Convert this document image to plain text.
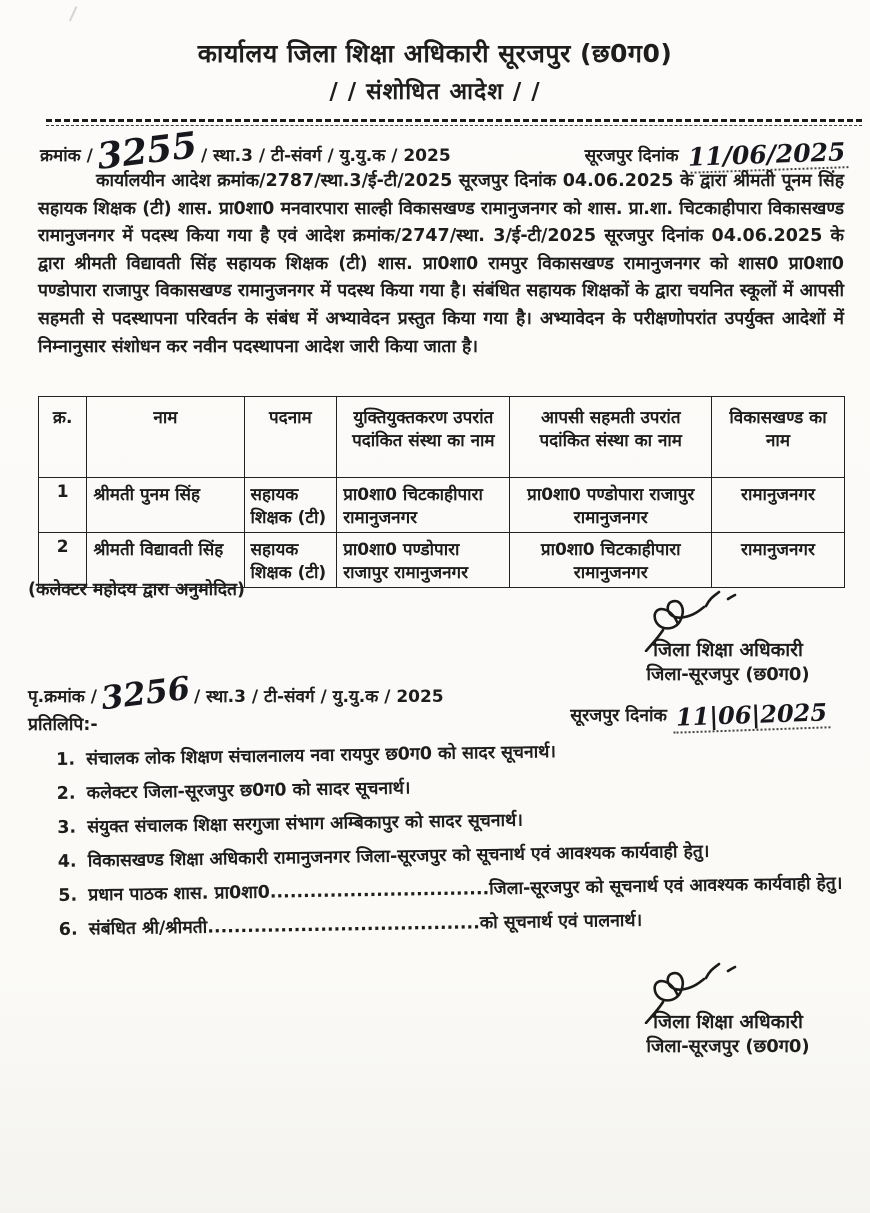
कार्यालय जिला शिक्षा अधिकारी सूरजपुर (छ0ग0)
/ / संशोधित आदेश / /
क्रमांक / 3255 / स्था.3 / टी-संवर्ग / यु.यु.क / 2025	सूरजपुर दिनांक 11/06/2025
कार्यालयीन आदेश क्रमांक/2787/स्था.3/ई-टी/2025 सूरजपुर दिनांक 04.06.2025 के द्वारा श्रीमती पूनम सिंह सहायक शिक्षक (टी) शास. प्रा0शा0 मनवारपारा साल्ही विकासखण्ड रामानुजनगर को शास. प्रा.शा. चिटकाहीपारा विकासखण्ड रामानुजनगर में पदस्थ किया गया है एवं आदेश क्रमांक/2747/स्था. 3/ई-टी/2025 सूरजपुर दिनांक 04.06.2025 के द्वारा श्रीमती विद्यावती सिंह सहायक शिक्षक (टी) शास. प्रा0शा0 रामपुर विकासखण्ड रामानुजनगर को शास0 प्रा0शा0 पण्डोपारा राजापुर विकासखण्ड रामानुजनगर में पदस्थ किया गया है। संबंधित सहायक शिक्षकों के द्वारा चयनित स्कूलों में आपसी सहमती से पदस्थापना परिवर्तन के संबंध में अभ्यावेदन प्रस्तुत किया गया है। अभ्यावेदन के परीक्षणोपरांत उपर्युक्त आदेशों में निम्नानुसार संशोधन कर नवीन पदस्थापना आदेश जारी किया जाता है।
क्र.	नाम	पदनाम	युक्तियुक्तकरण उपरांत पदांकित संस्था का नाम	आपसी सहमती उपरांत पदांकित संस्था का नाम	विकासखण्ड का नाम
1	श्रीमती पुनम सिंह	सहायक शिक्षक (टी)	प्रा0शा0 चिटकाहीपारा रामानुजनगर	प्रा0शा0 पण्डोपारा राजापुर रामानुजनगर	रामानुजनगर
2	श्रीमती विद्यावती सिंह	सहायक शिक्षक (टी)	प्रा0शा0 पण्डोपारा राजापुर रामानुजनगर	प्रा0शा0 चिटकाहीपारा रामानुजनगर	रामानुजनगर
(कलेक्टर महोदय द्वारा अनुमोदित)
जिला शिक्षा अधिकारी
जिला-सूरजपुर (छ0ग0)
पृ.क्रमांक / 3256 / स्था.3 / टी-संवर्ग / यु.यु.क / 2025
प्रतिलिपि:-	सूरजपुर दिनांक 11|06|2025
1. संचालक लोक शिक्षण संचालनालय नवा रायपुर छ0ग0 को सादर सूचनार्थ।
2. कलेक्टर जिला-सूरजपुर छ0ग0 को सादर सूचनार्थ।
3. संयुक्त संचालक शिक्षा सरगुजा संभाग अम्बिकापुर को सादर सूचनार्थ।
4. विकासखण्ड शिक्षा अधिकारी रामानुजनगर जिला-सूरजपुर को सूचनार्थ एवं आवश्यक कार्यवाही हेतु।
5. प्रधान पाठक शास. प्रा0शा0.................................जिला-सूरजपुर को सूचनार्थ एवं आवश्यक कार्यवाही हेतु।
6. संबंधित श्री/श्रीमती.........................................को सूचनार्थ एवं पालनार्थ।
जिला शिक्षा अधिकारी
जिला-सूरजपुर (छ0ग0)
